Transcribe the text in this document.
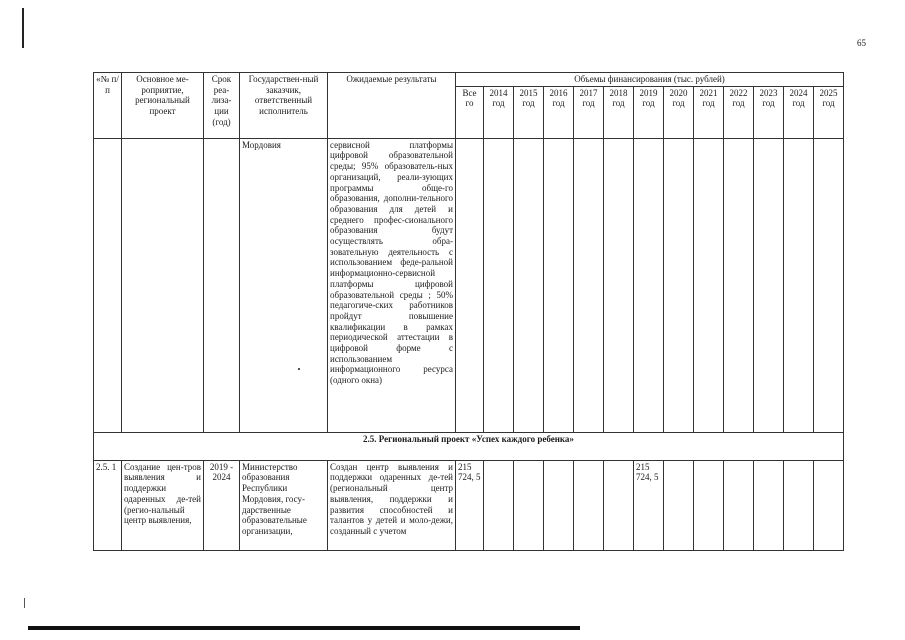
65
«№ п/п	Основное ме-роприятие, региональный проект	Срок реа-лиза-ции (год)	Государствен-ный заказчик, ответственный исполнитель	Ожидаемые результаты	Объемы финансирования (тыс. рублей)												
					Все го	2014 год	2015 год	2016 год	2017 год	2018 год	2019 год	2020 год	2021 год	2022 год	2023 год	2024 год	2025 год
			Мордовия	сервисной платформы цифровой образовательной среды; 95% образователь-ных организаций, реали-зующих программы обще-го образования, дополни-тельного образования для детей и среднего профес-сионального образования будут осуществлять обра-зовательную деятельность с использованием феде-ральной информационно-сервисной платформы цифровой образовательной среды ; 50% педагогиче-ских работников пройдут повышение квалификации в рамках периодической аттестации в цифровой форме с использованием информационного ресурса (одного окна)													
2.5. Региональный проект «Успех каждого ребенка»																	
2.5. 1	Создание цен-тров выявления и поддержки одаренных де-тей (регио-нальный центр выявления,	2019 - 2024	Министерство образования Республики Мордовия, госу-дарственные образовательные организации,	Создан центр выявления и поддержки одаренных де-тей (региональный центр выявления, поддержки и развития способностей и талантов у детей и моло-дежи, созданный с учетом	215 724, 5						215 724, 5						
